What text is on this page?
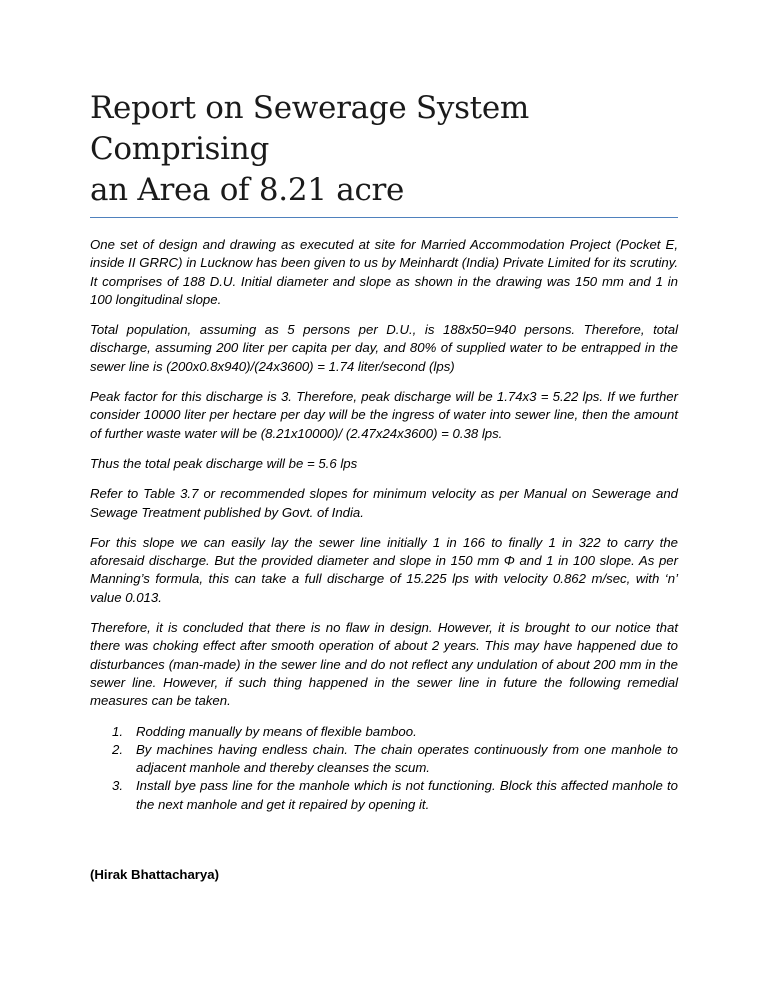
Report on Sewerage System Comprising
an Area of 8.21 acre

One set of design and drawing as executed at site for Married Accommodation Project (Pocket E, inside II GRRC) in Lucknow has been given to us by Meinhardt (India) Private Limited for its scrutiny. It comprises of 188 D.U. Initial diameter and slope as shown in the drawing was 150 mm and 1 in 100 longitudinal slope.

Total population, assuming as 5 persons per D.U., is 188x50=940 persons. Therefore, total discharge, assuming 200 liter per capita per day, and 80% of supplied water to be entrapped in the sewer line is (200x0.8x940)/(24x3600) = 1.74 liter/second (lps)

Peak factor for this discharge is 3. Therefore, peak discharge will be 1.74x3 = 5.22 lps. If we further consider 10000 liter per hectare per day will be the ingress of water into sewer line, then the amount of further waste water will be (8.21x10000)/ (2.47x24x3600) = 0.38 lps.

Thus the total peak discharge will be = 5.6 lps

Refer to Table 3.7 or recommended slopes for minimum velocity as per Manual on Sewerage and Sewage Treatment published by Govt. of India.

For this slope we can easily lay the sewer line initially 1 in 166 to finally 1 in 322 to carry the aforesaid discharge. But the provided diameter and slope in 150 mm Φ and 1 in 100 slope. As per Manning’s formula, this can take a full discharge of 15.225 lps with velocity 0.862 m/sec, with ‘n’ value 0.013.

Therefore, it is concluded that there is no flaw in design. However, it is brought to our notice that there was choking effect after smooth operation of about 2 years. This may have happened due to disturbances (man-made) in the sewer line and do not reflect any undulation of about 200 mm in the sewer line. However, if such thing happened in the sewer line in future the following remedial measures can be taken.

1. Rodding manually by means of flexible bamboo.
2. By machines having endless chain. The chain operates continuously from one manhole to adjacent manhole and thereby cleanses the scum.
3. Install bye pass line for the manhole which is not functioning. Block this affected manhole to the next manhole and get it repaired by opening it.
(Hirak Bhattacharya)
